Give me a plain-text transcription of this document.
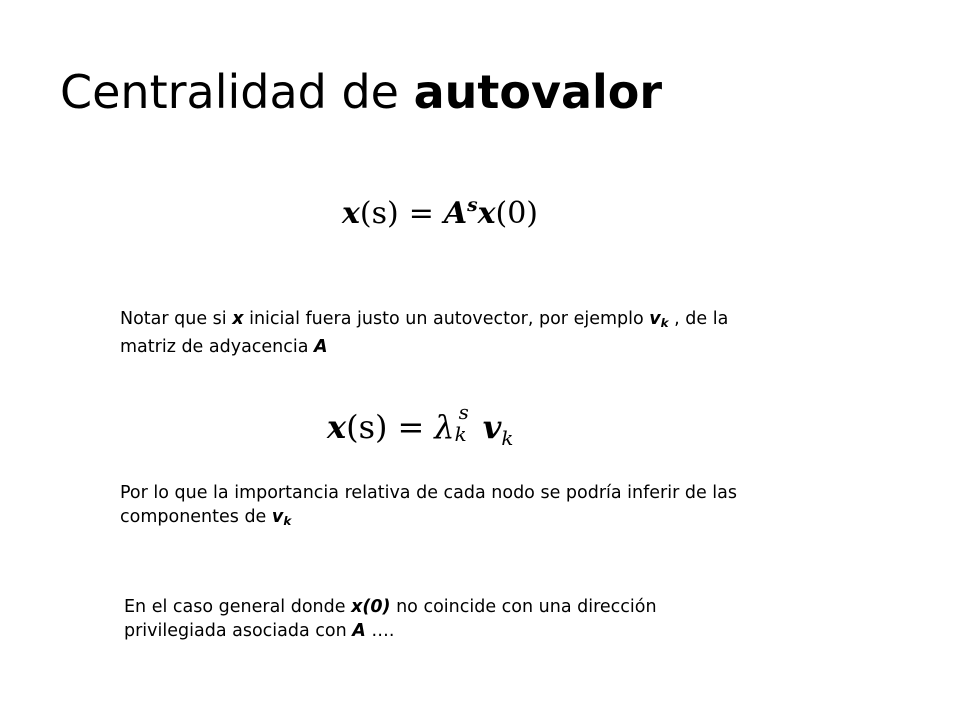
Centralidad de autovalor
$x(s) = A^sx(0)$
Notar que si x inicial fuera justo un autovector, por ejemplo vk , de la
matriz de adyacencia A
x(s) = λ s
k $v_k$
Por lo que la importancia relativa de cada nodo se podría inferir de las
componentes de vk
En el caso general donde x(0) no coincide con una dirección
privilegiada asociada con A ….
